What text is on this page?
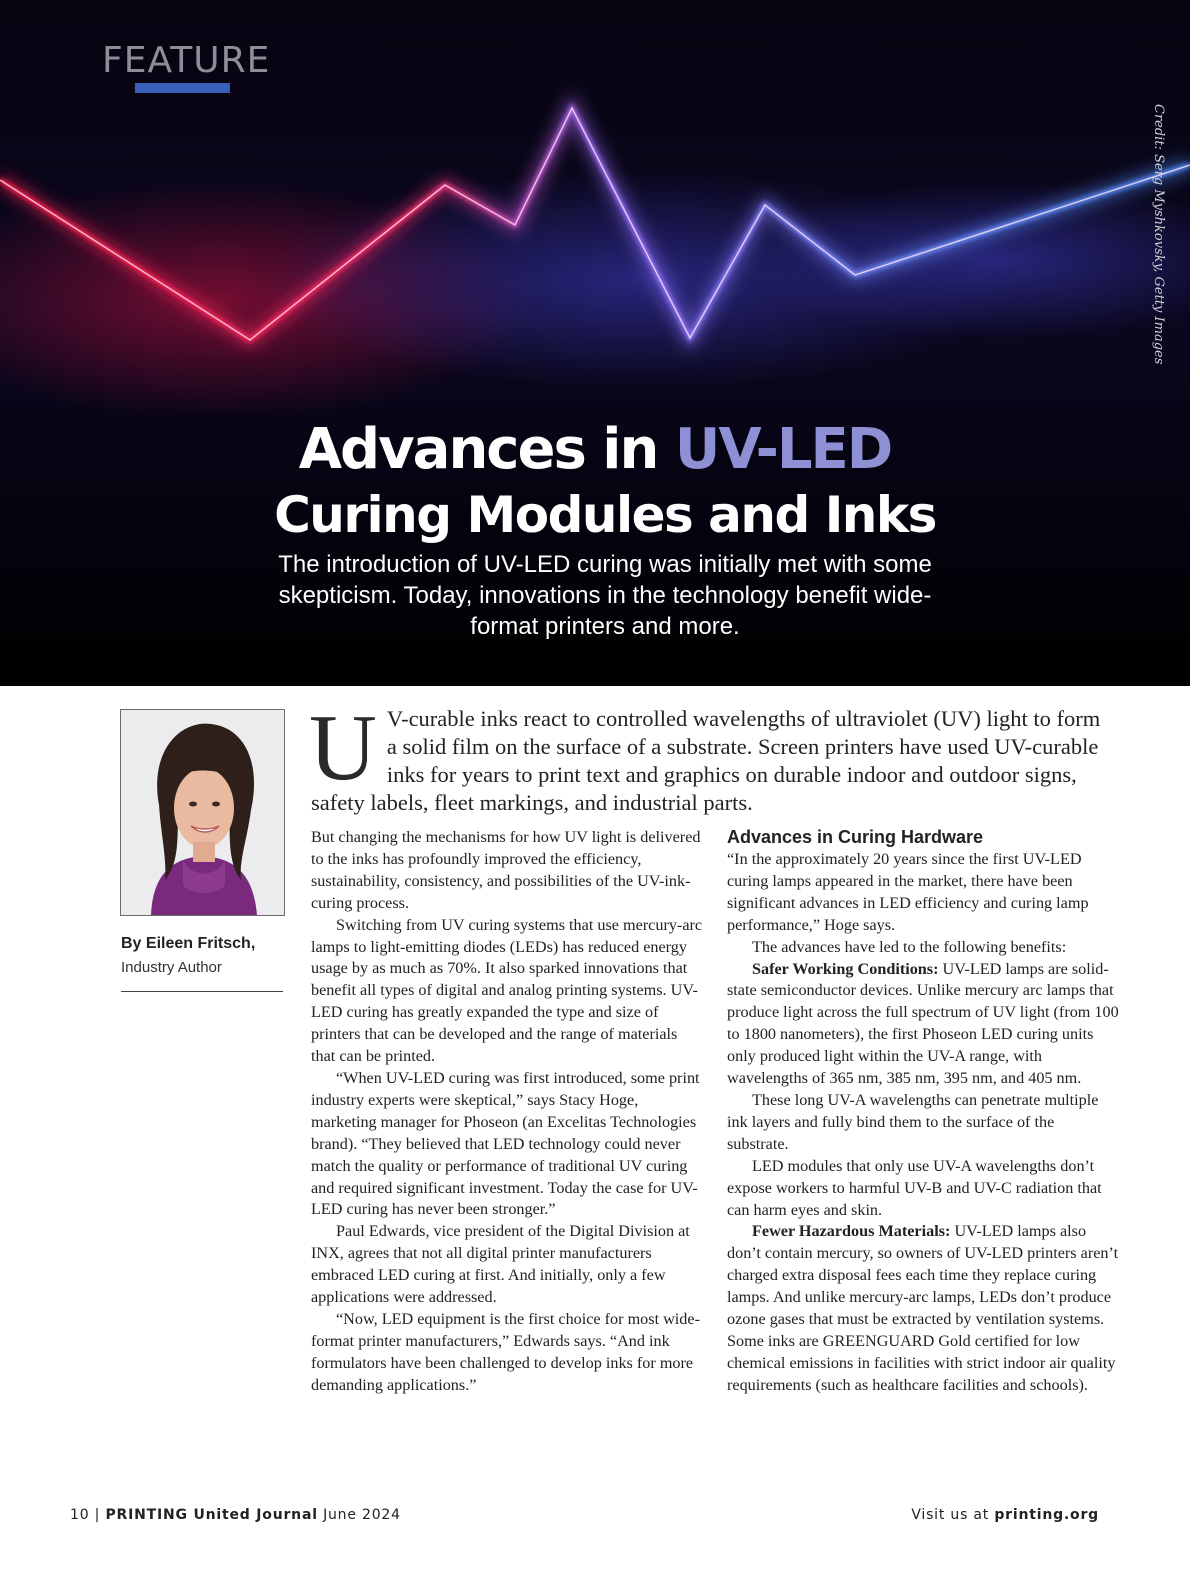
FEATURE
Credit: Serg Myshkovsky, Getty Images
Advances in UV-LED
Curing Modules and Inks
The introduction of UV-LED curing was initially met with some skepticism. Today, innovations in the technology benefit wide-format printers and more.
By Eileen Fritsch,
Industry Author
U V-curable inks react to controlled wavelengths of ultraviolet (UV) light to form a solid film on the surface of a substrate. Screen printers have used UV-curable inks for years to print text and graphics on durable indoor and outdoor signs, safety labels, fleet markings, and industrial parts.

But changing the mechanisms for how UV light is delivered to the inks has profoundly improved the efficiency, sustainability, consistency, and possibilities of the UV-ink-curing process.

Switching from UV curing systems that use mercury-arc lamps to light-emitting diodes (LEDs) has reduced energy usage by as much as 70%. It also sparked innovations that benefit all types of digital and analog printing systems. UV-LED curing has greatly expanded the type and size of printers that can be developed and the range of materials that can be printed.

“When UV-LED curing was first introduced, some print industry experts were skeptical,” says Stacy Hoge, marketing manager for Phoseon (an Excelitas Technologies brand). “They believed that LED technology could never match the quality or performance of traditional UV curing and required significant investment. Today the case for UV-LED curing has never been stronger.”

Paul Edwards, vice president of the Digital Division at INX, agrees that not all digital printer manufacturers embraced LED curing at first. And initially, only a few applications were addressed.

“Now, LED equipment is the first choice for most wide-format printer manufacturers,” Edwards says. “And ink formulators have been challenged to develop inks for more demanding applications.”

Advances in Curing Hardware

“In the approximately 20 years since the first UV-LED curing lamps appeared in the market, there have been significant advances in LED efficiency and curing lamp performance,” Hoge says.

The advances have led to the following benefits:

Safer Working Conditions: UV-LED lamps are solid-state semiconductor devices. Unlike mercury arc lamps that produce light across the full spectrum of UV light (from 100 to 1800 nanometers), the first Phoseon LED curing units only produced light within the UV-A range, with wavelengths of 365 nm, 385 nm, 395 nm, and 405 nm.

These long UV-A wavelengths can penetrate multiple ink layers and fully bind them to the surface of the substrate.

LED modules that only use UV-A wavelengths don’t expose workers to harmful UV-B and UV-C radiation that can harm eyes and skin.

Fewer Hazardous Materials: UV-LED lamps also don’t contain mercury, so owners of UV-LED printers aren’t charged extra disposal fees each time they replace curing lamps. And unlike mercury-arc lamps, LEDs don’t produce ozone gases that must be extracted by ventilation systems. Some inks are GREENGUARD Gold certified for low chemical emissions in facilities with strict indoor air quality requirements (such as healthcare facilities and schools).

10 | PRINTING United Journal June 2024	Visit us at printing.org
